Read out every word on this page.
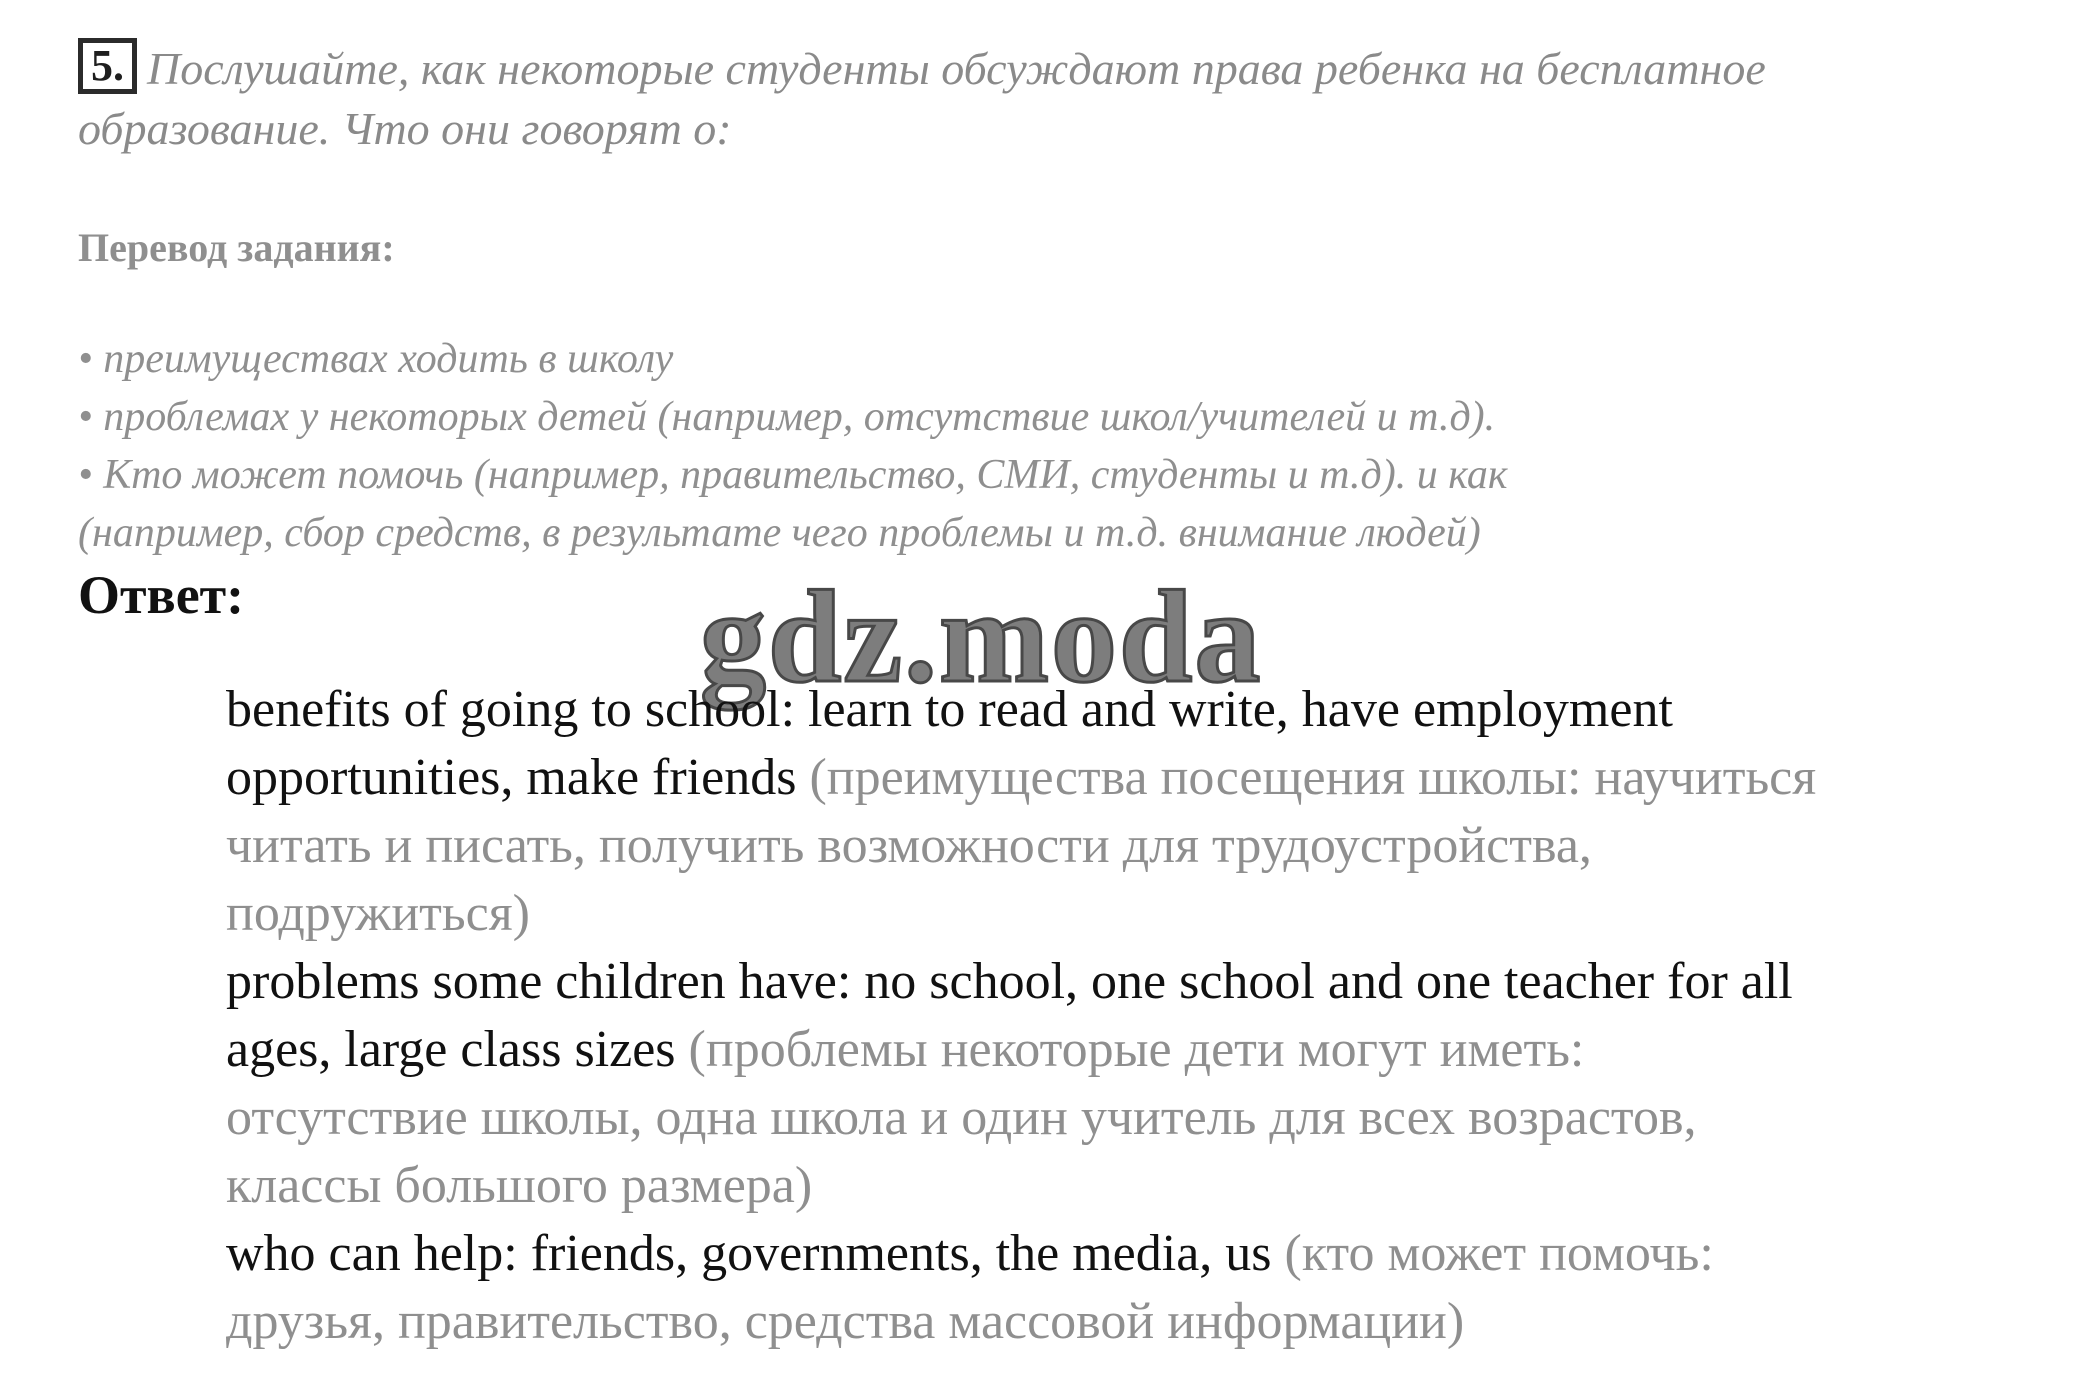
5. Послушайте, как некоторые студенты обсуждают права ребенка на бесплатное образование. Что они говорят о:
Перевод задания:
• преимуществах ходить в школу
• проблемах у некоторых детей (например, отсутствие школ/учителей и т.д).
• Кто может помочь (например, правительство, СМИ, студенты и т.д). и как
(например, сбор средств, в результате чего проблемы и т.д. внимание людей)
Ответ:	gdz.moda
benefits of going to school: learn to read and write, have employment
opportunities, make friends (преимущества посещения школы: научиться
читать и писать, получить возможности для трудоустройства,
подружиться)
problems some children have: no school, one school and one teacher for all
ages, large class sizes (проблемы некоторые дети могут иметь:
отсутствие школы, одна школа и один учитель для всех возрастов,
классы большого размера)
who can help: friends, governments, the media, us (кто может помочь:
друзья, правительство, средства массовой информации)
